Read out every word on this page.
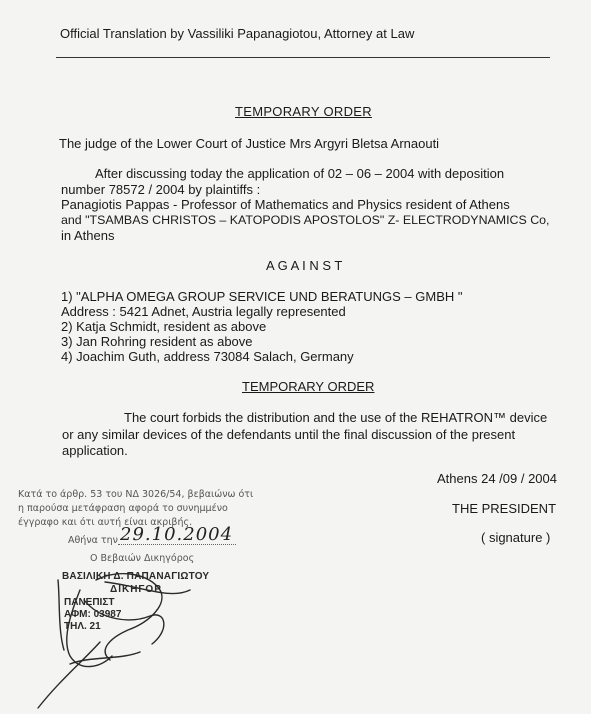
Official Translation by Vassiliki Papanagiotou, Attorney at Law
TEMPORARY ORDER
The judge of the Lower Court of Justice Mrs Argyri Bletsa Arnaouti
After discussing today the application of 02 – 06 – 2004 with deposition
number 78572 / 2004 by plaintiffs :
Panagiotis Pappas - Professor of Mathematics and Physics resident of Athens
and "TSAMBAS CHRISTOS – KATOPODIS APOSTOLOS" Z- ELECTRODYNAMICS Co,
in Athens
A G A I N S T
1) "ALPHA OMEGA GROUP SERVICE UND BERATUNGS – GMBH "
Address : 5421 Adnet, Austria legally represented
2) Katja Schmidt, resident as above
3) Jan Rohring resident as above
4) Joachim Guth, address 73084 Salach, Germany
TEMPORARY ORDER
The court forbids the distribution and the use of the REHATRON™ device
or any similar devices of the defendants until the final discussion of the present
application.
Athens 24 /09 / 2004
THE PRESIDENT
( signature )
Κατά το άρθρ. 53 του ΝΔ 3026/54, βεβαιώνω ότι
η παρούσα μετάφραση αφορά το συνημμένο
έγγραφο και ότι αυτή είναι ακριβής.
Αθήνα την 29.10.2004
Ο Βεβαιών Δικηγόρος
ΒΑΣΙΛΙΚΗ Δ. ΠΑΠΑΝΑΓΙΩΤΟΥ
ΔΙΚΗΓΟΡ
ΠΑΝΕΠΙΣΤ
ΑΦΜ: 03987
ΤΗΛ. 21
